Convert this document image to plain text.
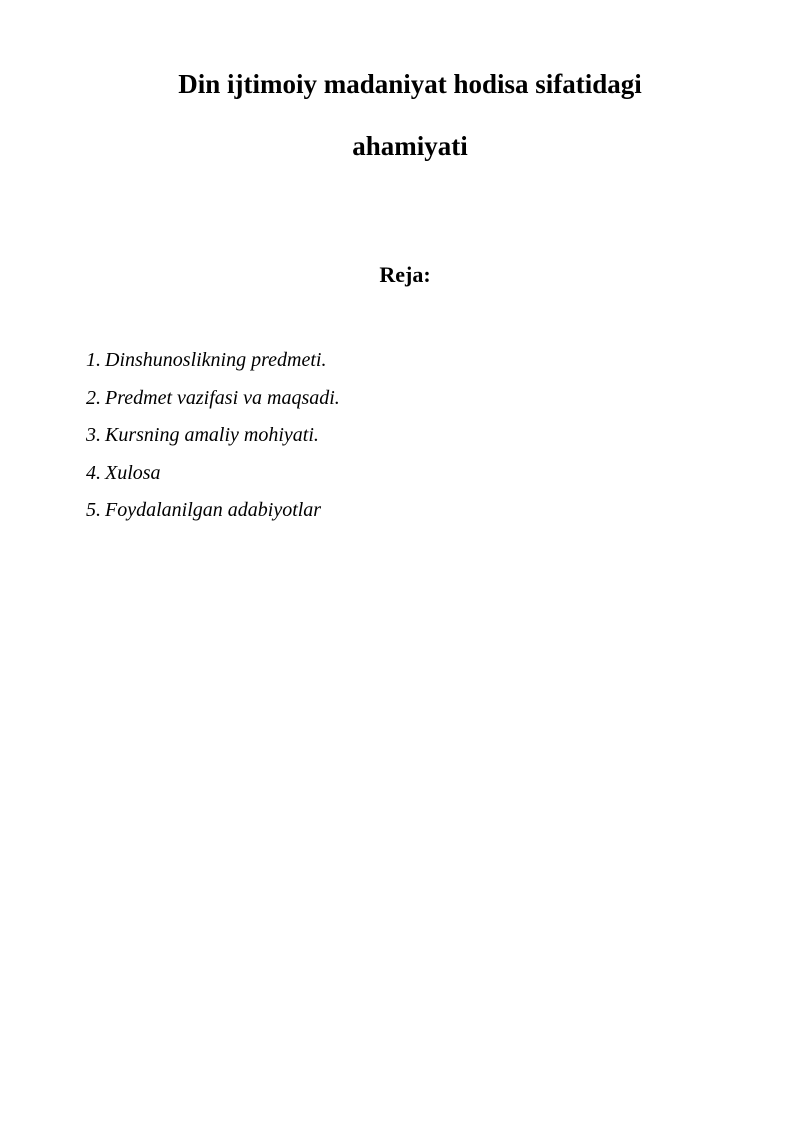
Din ijtimoiy madaniyat hodisa sifatidagi
ahamiyati
Reja:
1. Dinshunoslikning predmeti.
2. Predmet vazifasi va maqsadi.
3. Kursning amaliy mohiyati.
4. Xulosa
5. Foydalanilgan adabiyotlar
